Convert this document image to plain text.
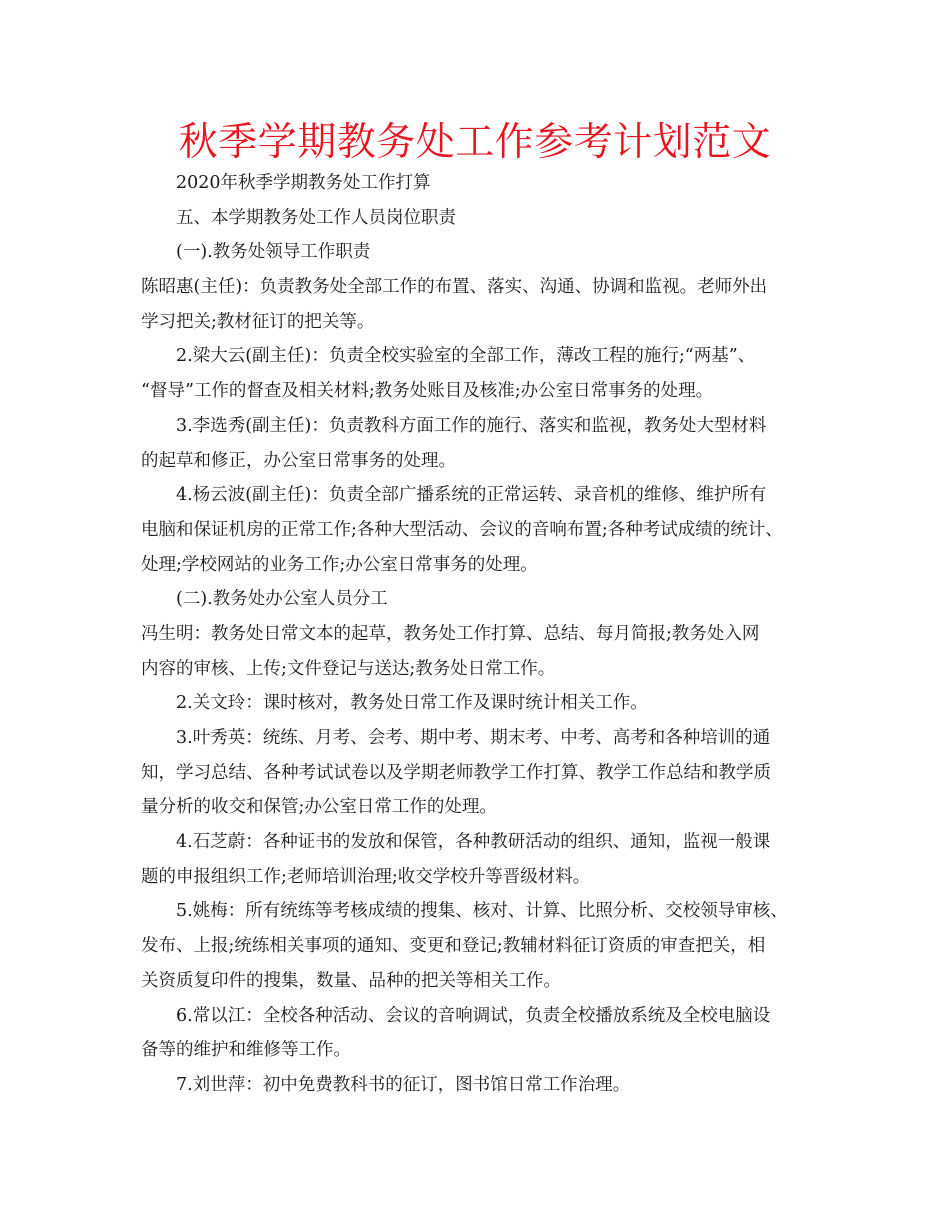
秋季学期教务处工作参考计划范文
2020年秋季学期教务处工作打算
五、本学期教务处工作人员岗位职责
(一).教务处领导工作职责
陈昭惠(主任)：负责教务处全部工作的布置、落实、沟通、协调和监视。老师外出
学习把关;教材征订的把关等。
2.梁大云(副主任)：负责全校实验室的全部工作，薄改工程的施行;“两基”、
“督导”工作的督查及相关材料;教务处账目及核准;办公室日常事务的处理。
3.李选秀(副主任)：负责教科方面工作的施行、落实和监视，教务处大型材料
的起草和修正，办公室日常事务的处理。
4.杨云波(副主任)：负责全部广播系统的正常运转、录音机的维修、维护所有
电脑和保证机房的正常工作;各种大型活动、会议的音响布置;各种考试成绩的统计、
处理;学校网站的业务工作;办公室日常事务的处理。
(二).教务处办公室人员分工
冯生明：教务处日常文本的起草，教务处工作打算、总结、每月简报;教务处入网
内容的审核、上传;文件登记与送达;教务处日常工作。
2.关文玲：课时核对，教务处日常工作及课时统计相关工作。
3.叶秀英：统练、月考、会考、期中考、期末考、中考、高考和各种培训的通
知，学习总结、各种考试试卷以及学期老师教学工作打算、教学工作总结和教学质
量分析的收交和保管;办公室日常工作的处理。
4.石芝蔚：各种证书的发放和保管，各种教研活动的组织、通知，监视一般课
题的申报组织工作;老师培训治理;收交学校升等晋级材料。
5.姚梅：所有统练等考核成绩的搜集、核对、计算、比照分析、交校领导审核、
发布、上报;统练相关事项的通知、变更和登记;教辅材料征订资质的审查把关，相
关资质复印件的搜集，数量、品种的把关等相关工作。
6.常以江：全校各种活动、会议的音响调试，负责全校播放系统及全校电脑设
备等的维护和维修等工作。
7.刘世萍：初中免费教科书的征订，图书馆日常工作治理。
